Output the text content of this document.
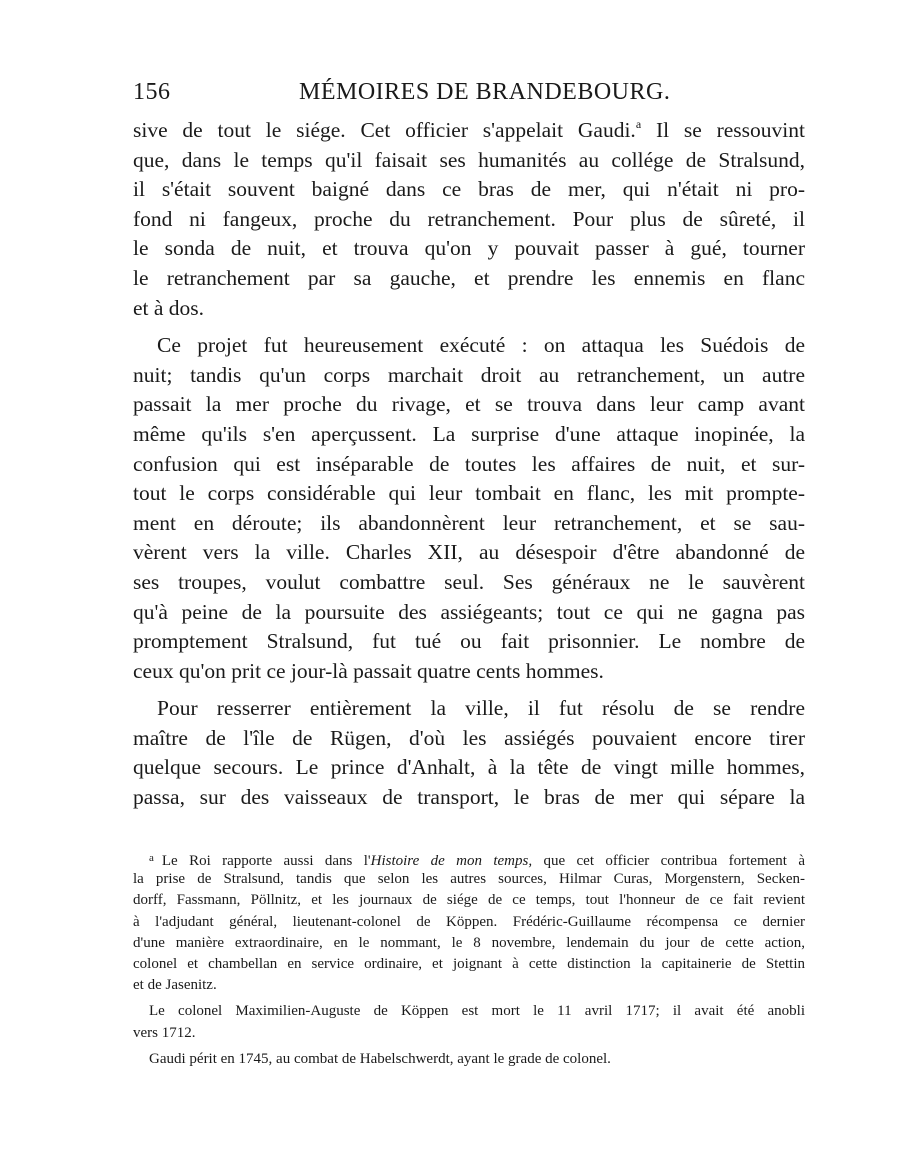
156	MÉMOIRES DE BRANDEBOURG.
sive de tout le siége. Cet officier s'appelait Gaudi.$^a$ Il se ressouvint
que, dans le temps qu'il faisait ses humanités au collége de Stralsund,
il s'était souvent baigné dans ce bras de mer, qui n'était ni pro-
fond ni fangeux, proche du retranchement. Pour plus de sûreté, il
le sonda de nuit, et trouva qu'on y pouvait passer à gué, tourner
le retranchement par sa gauche, et prendre les ennemis en flanc
et à dos.
Ce projet fut heureusement exécuté : on attaqua les Suédois de
nuit; tandis qu'un corps marchait droit au retranchement, un autre
passait la mer proche du rivage, et se trouva dans leur camp avant
même qu'ils s'en aperçussent. La surprise d'une attaque inopinée, la
confusion qui est inséparable de toutes les affaires de nuit, et sur-
tout le corps considérable qui leur tombait en flanc, les mit prompte-
ment en déroute; ils abandonnèrent leur retranchement, et se sau-
vèrent vers la ville. Charles XII, au désespoir d'être abandonné de
ses troupes, voulut combattre seul. Ses généraux ne le sauvèrent
qu'à peine de la poursuite des assiégeants; tout ce qui ne gagna pas
promptement Stralsund, fut tué ou fait prisonnier. Le nombre de
ceux qu'on prit ce jour-là passait quatre cents hommes.
Pour resserrer entièrement la ville, il fut résolu de se rendre
maître de l'île de Rügen, d'où les assiégés pouvaient encore tirer
quelque secours. Le prince d'Anhalt, à la tête de vingt mille hommes,
passa, sur des vaisseaux de transport, le bras de mer qui sépare la
$^a$ Le Roi rapporte aussi dans l'Histoire de mon temps, que cet officier contribua fortement à
la prise de Stralsund, tandis que selon les autres sources, Hilmar Curas, Morgenstern, Secken-
dorff, Fassmann, Pöllnitz, et les journaux de siége de ce temps, tout l'honneur de ce fait revient
à l'adjudant général, lieutenant-colonel de Köppen. Frédéric-Guillaume récompensa ce dernier
d'une manière extraordinaire, en le nommant, le 8 novembre, lendemain du jour de cette action,
colonel et chambellan en service ordinaire, et joignant à cette distinction la capitainerie de Stettin
et de Jasenitz.
Le colonel Maximilien-Auguste de Köppen est mort le 11 avril 1717; il avait été anobli
vers 1712.
Gaudi périt en 1745, au combat de Habelschwerdt, ayant le grade de colonel.
